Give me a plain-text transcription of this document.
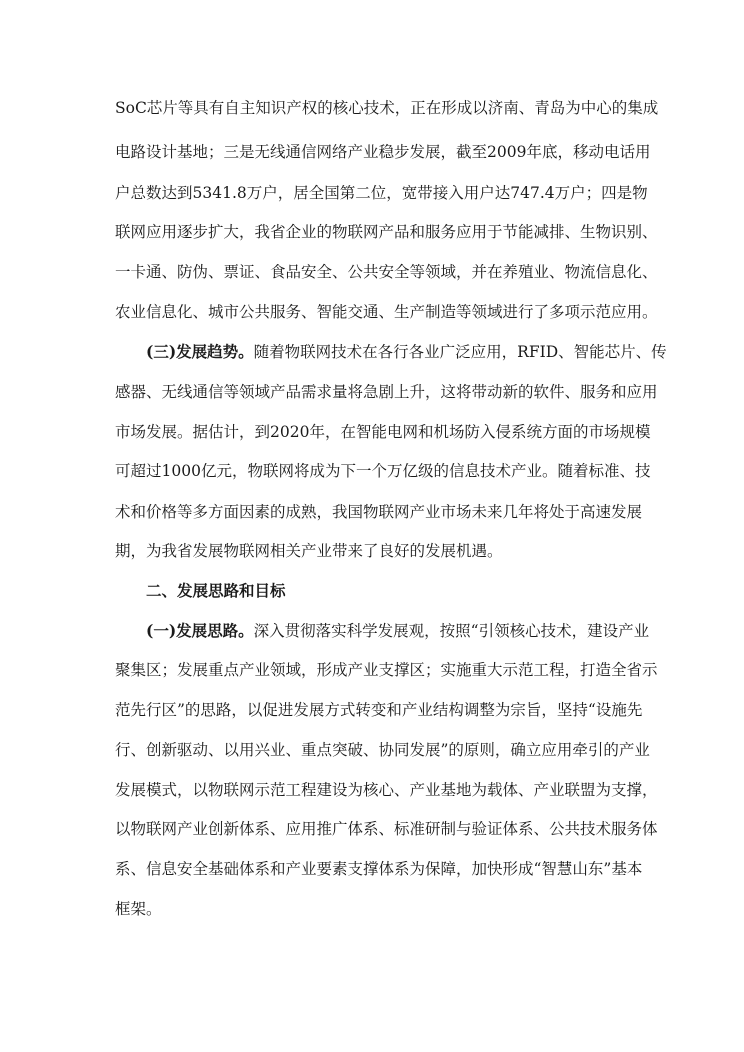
SoC芯片等具有自主知识产权的核心技术，正在形成以济南、青岛为中心的集成
电路设计基地；三是无线通信网络产业稳步发展，截至2009年底，移动电话用
户总数达到5341.8万户，居全国第二位，宽带接入用户达747.4万户；四是物
联网应用逐步扩大，我省企业的物联网产品和服务应用于节能减排、生物识别、
一卡通、防伪、票证、食品安全、公共安全等领域，并在养殖业、物流信息化、
农业信息化、城市公共服务、智能交通、生产制造等领域进行了多项示范应用。
(三)发展趋势。随着物联网技术在各行各业广泛应用，RFID、智能芯片、传
感器、无线通信等领域产品需求量将急剧上升，这将带动新的软件、服务和应用
市场发展。据估计，到2020年，在智能电网和机场防入侵系统方面的市场规模
可超过1000亿元，物联网将成为下一个万亿级的信息技术产业。随着标准、技
术和价格等多方面因素的成熟，我国物联网产业市场未来几年将处于高速发展
期，为我省发展物联网相关产业带来了良好的发展机遇。
二、发展思路和目标
(一)发展思路。深入贯彻落实科学发展观，按照“引领核心技术，建设产业
聚集区；发展重点产业领域，形成产业支撑区；实施重大示范工程，打造全省示
范先行区”的思路，以促进发展方式转变和产业结构调整为宗旨，坚持“设施先
行、创新驱动、以用兴业、重点突破、协同发展”的原则，确立应用牵引的产业
发展模式，以物联网示范工程建设为核心、产业基地为载体、产业联盟为支撑，
以物联网产业创新体系、应用推广体系、标准研制与验证体系、公共技术服务体
系、信息安全基础体系和产业要素支撑体系为保障，加快形成“智慧山东”基本
框架。
